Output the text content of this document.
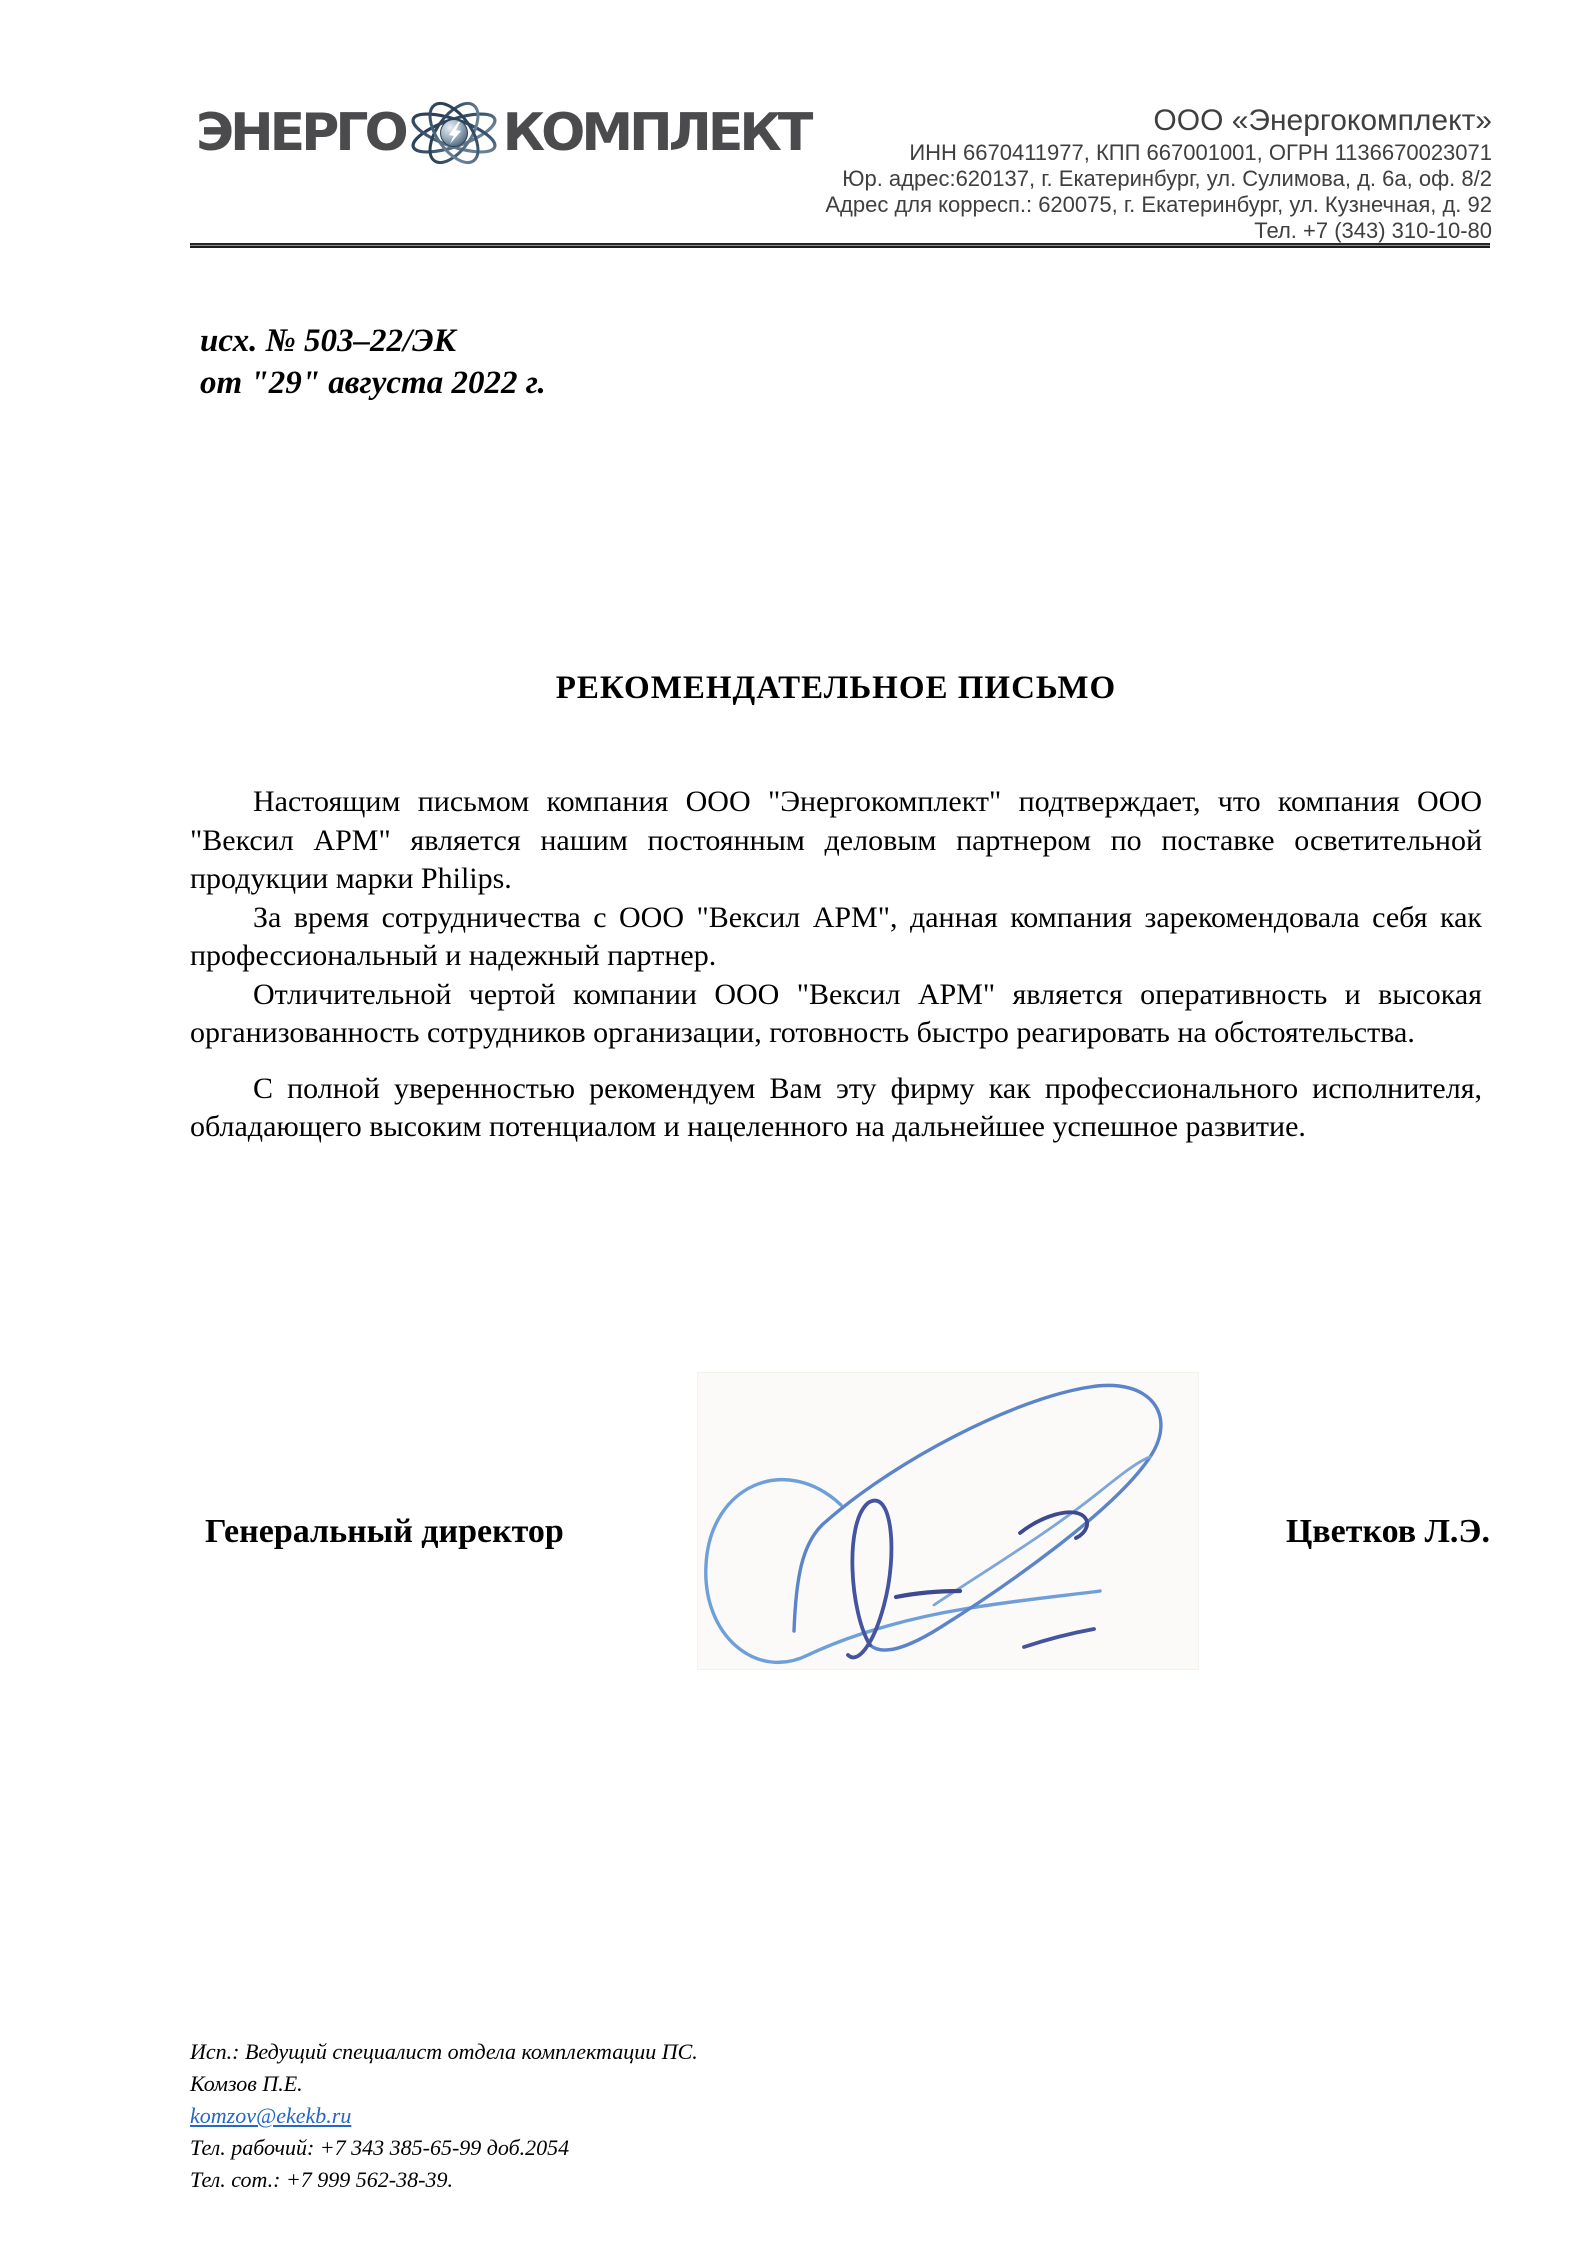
ЭНЕРГО КОМПЛЕКТ	ООО «Энергокомплект»
ИНН 6670411977, КПП 667001001, ОГРН 1136670023071
Юр. адрес:620137, г. Екатеринбург, ул. Сулимова, д. 6а, оф. 8/2
Адрес для корресп.: 620075, г. Екатеринбург, ул. Кузнечная, д. 92
Тел. +7 (343) 310-10-80
исх. № 503–22/ЭК
от "29" августа 2022 г.
РЕКОМЕНДАТЕЛЬНОЕ ПИСЬМО

Настоящим письмом компания ООО "Энергокомплект" подтверждает, что компания ООО "Вексил АРМ" является нашим постоянным деловым партнером по поставке осветительной продукции марки Philips.

За время сотрудничества с ООО "Вексил АРМ", данная компания зарекомендовала себя как профессиональный и надежный партнер.

Отличительной чертой компании ООО "Вексил АРМ" является оперативность и высокая организованность сотрудников организации, готовность быстро реагировать на обстоятельства.

С полной уверенностью рекомендуем Вам эту фирму как профессионального исполнителя, обладающего высоким потенциалом и нацеленного на дальнейшее успешное развитие.

Генеральный директор	Цветков Л.Э.
Исп.: Ведущий специалист отдела комплектации ПС.
Комзов П.Е.
komzov@ekekb.ru
Тел. рабочий: +7 343 385-65-99 доб.2054
Тел. сот.: +7 999 562-38-39.
